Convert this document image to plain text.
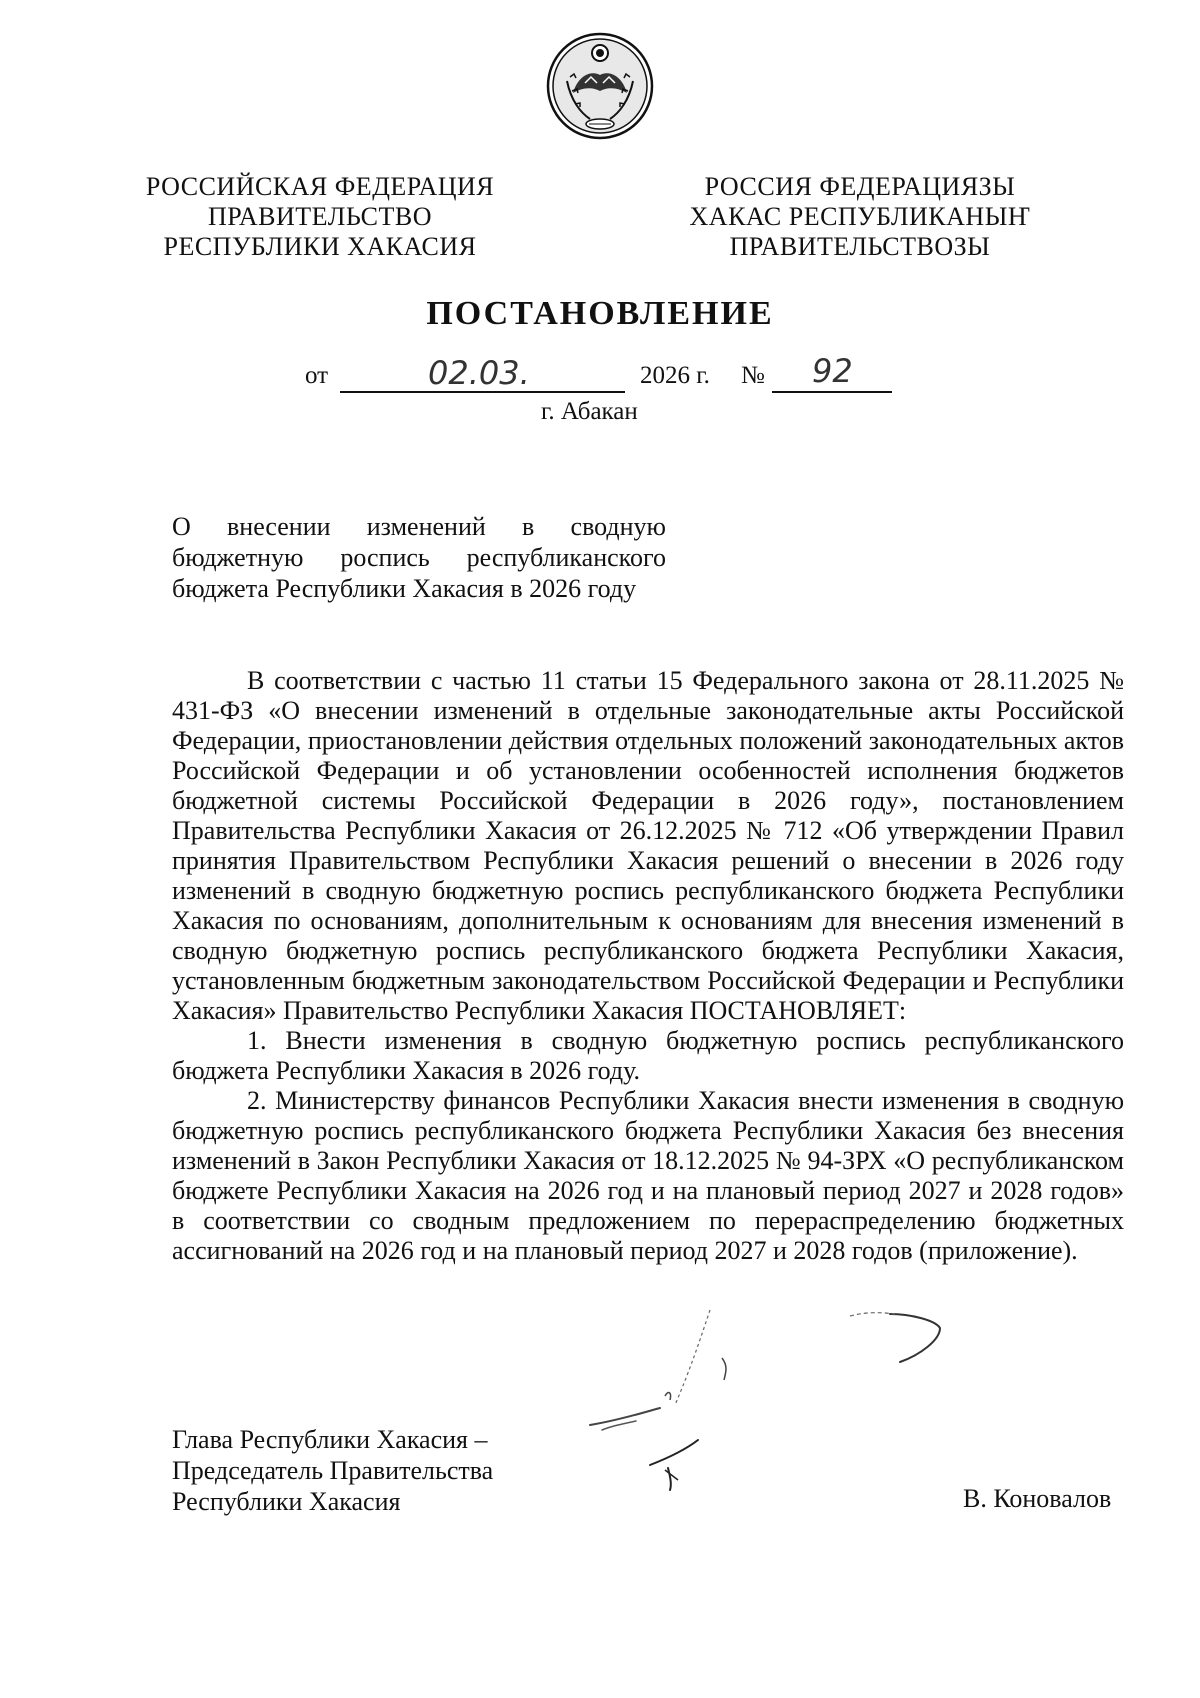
РОССИЙСКАЯ ФЕДЕРАЦИЯ
ПРАВИТЕЛЬСТВО
РЕСПУБЛИКИ ХАКАСИЯ
РОССИЯ ФЕДЕРАЦИЯЗЫ
ХАКАС РЕСПУБЛИКАНЫҤ
ПРАВИТЕЛЬСТВОЗЫ
ПОСТАНОВЛЕНИЕ
от	02.03.	2026 г. № 92
г. Абакан
О внесении изменений в сводную бюджетную роспись республиканского бюджета Республики Хакасия в 2026 году

В соответствии с частью 11 статьи 15 Федерального закона от 28.11.2025 № 431-ФЗ «О внесении изменений в отдельные законодательные акты Российской Федерации, приостановлении действия отдельных положений законодательных актов Российской Федерации и об установлении особенностей исполнения бюджетов бюджетной системы Российской Федерации в 2026 году», постановлением Правительства Республики Хакасия от 26.12.2025 № 712 «Об утверждении Правил принятия Правительством Республики Хакасия решений о внесении в 2026 году изменений в сводную бюджетную роспись республиканского бюджета Республики Хакасия по основаниям, дополнительным к основаниям для внесения изменений в сводную бюджетную роспись республиканского бюджета Республики Хакасия, установленным бюджетным законодательством Российской Федерации и Республики Хакасия» Правительство Республики Хакасия ПОСТАНОВЛЯЕТ:

1. Внести изменения в сводную бюджетную роспись республиканского бюджета Республики Хакасия в 2026 году.

2. Министерству финансов Республики Хакасия внести изменения в сводную бюджетную роспись республиканского бюджета Республики Хакасия без внесения изменений в Закон Республики Хакасия от 18.12.2025 № 94-ЗРХ «О республиканском бюджете Республики Хакасия на 2026 год и на плановый период 2027 и 2028 годов» в соответствии со сводным предложением по перераспределению бюджетных ассигнований на 2026 год и на плановый период 2027 и 2028 годов (приложение).

Глава Республики Хакасия –
Председатель Правительства
Республики Хакасия	В. Коновалов
